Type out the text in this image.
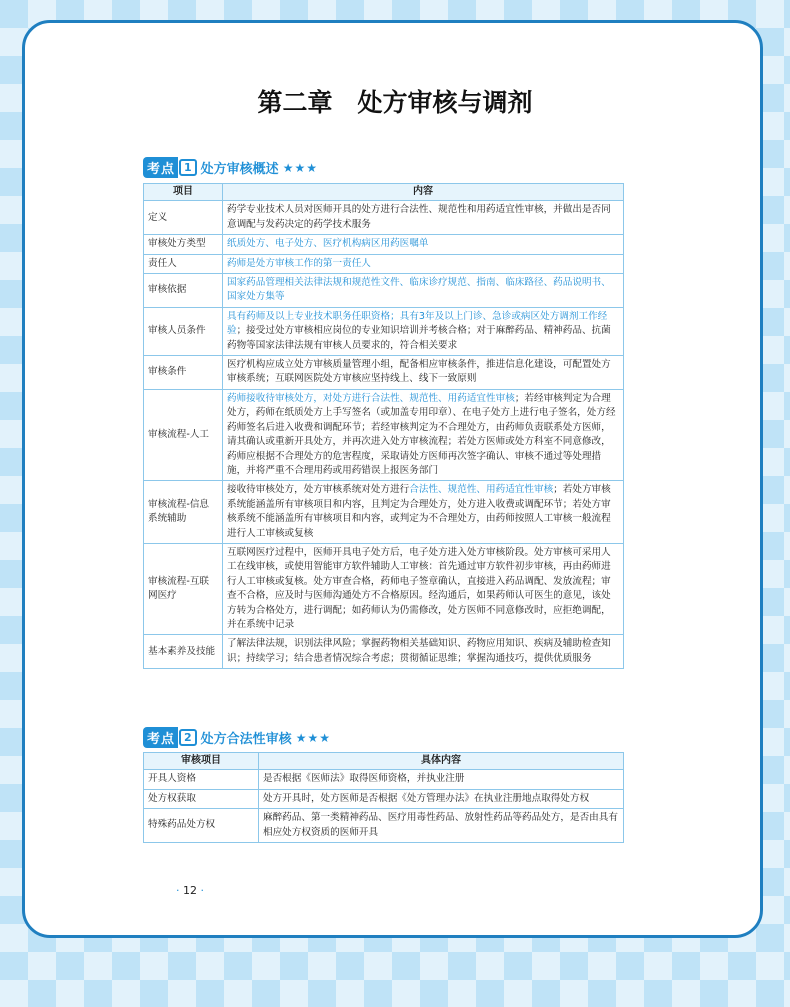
第二章　处方审核与调剂
考点 1 处方审核概述 ★★★
项目	内容
定义	药学专业技术人员对医师开具的处方进行合法性、规范性和用药适宜性审核，并做出是否同意调配与发药决定的药学技术服务
审核处方类型	纸质处方、电子处方、医疗机构病区用药医嘱单
责任人	药师是处方审核工作的第一责任人
审核依据	国家药品管理相关法律法规和规范性文件、临床诊疗规范、指南、临床路径、药品说明书、国家处方集等
审核人员条件	具有药师及以上专业技术职务任职资格；具有3年及以上门诊、急诊或病区处方调剂工作经验；接受过处方审核相应岗位的专业知识培训并考核合格；对于麻醉药品、精神药品、抗菌药物等国家法律法规有审核人员要求的，符合相关要求
审核条件	医疗机构应成立处方审核质量管理小组，配备相应审核条件，推进信息化建设，可配置处方审核系统；互联网医院处方审核应坚持线上、线下一致原则
审核流程-人工	药师接收待审核处方，对处方进行合法性、规范性、用药适宜性审核；若经审核判定为合理处方，药师在纸质处方上手写签名（或加盖专用印章）、在电子处方上进行电子签名，处方经药师签名后进入收费和调配环节；若经审核判定为不合理处方，由药师负责联系处方医师，请其确认或重新开具处方，并再次进入处方审核流程；若处方医师或处方科室不同意修改，药师应根据不合理处方的危害程度，采取请处方医师再次签字确认、审核不通过等处理措施，并将严重不合理用药或用药错误上报医务部门
审核流程-信息系统辅助	接收待审核处方，处方审核系统对处方进行合法性、规范性、用药适宜性审核；若处方审核系统能涵盖所有审核项目和内容，且判定为合理处方，处方进入收费或调配环节；若处方审核系统不能涵盖所有审核项目和内容，或判定为不合理处方，由药师按照人工审核一般流程进行人工审核或复核
审核流程-互联网医疗	互联网医疗过程中，医师开具电子处方后，电子处方进入处方审核阶段。处方审核可采用人工在线审核，或使用智能审方软件辅助人工审核：首先通过审方软件初步审核，再由药师进行人工审核或复核。处方审查合格，药师电子签章确认，直接进入药品调配、发放流程；审查不合格，应及时与医师沟通处方不合格原因。经沟通后，如果药师认可医生的意见，该处方转为合格处方，进行调配；如药师认为仍需修改，处方医师不同意修改时，应拒绝调配，并在系统中记录
基本素养及技能	了解法律法规，识别法律风险；掌握药物相关基础知识、药物应用知识、疾病及辅助检查知识；持续学习；结合患者情况综合考虑；贯彻循证思维；掌握沟通技巧，提供优质服务
考点 2 处方合法性审核 ★★★
审核项目	具体内容
开具人资格	是否根据《医师法》取得医师资格，并执业注册
处方权获取	处方开具时，处方医师是否根据《处方管理办法》在执业注册地点取得处方权
特殊药品处方权	麻醉药品、第一类精神药品、医疗用毒性药品、放射性药品等药品处方，是否由具有相应处方权资质的医师开具
· 12 ·
